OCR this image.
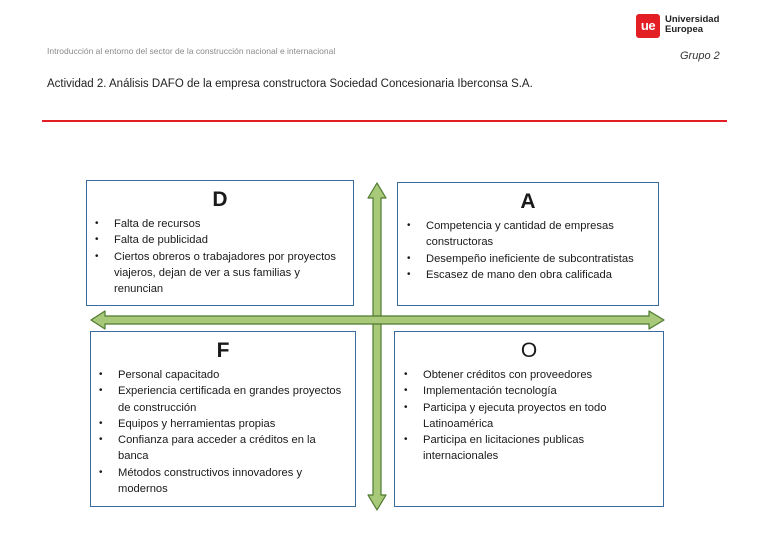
ue	Universidad
Europea
Introducción al entorno del sector de la construcción nacional e internacional	Grupo 2
Actividad 2. Análisis DAFO de la empresa constructora Sociedad Concesionaria Iberconsa S.A.
D
• Falta de recursos
• Falta de publicidad
• Ciertos obreros o trabajadores por proyectos viajeros, dejan de ver a sus familias y renuncian
A
• Competencia y cantidad de empresas constructoras
• Desempeño ineficiente de subcontratistas
• Escasez de mano den obra calificada
F
• Personal capacitado
• Experiencia certificada en grandes proyectos de construcción
• Equipos y herramientas propias
• Confianza para acceder a créditos en la banca
• Métodos constructivos innovadores y modernos
O
• Obtener créditos con proveedores
• Implementación tecnología
• Participa y ejecuta proyectos en todo Latinoamérica
• Participa en licitaciones publicas internacionales
